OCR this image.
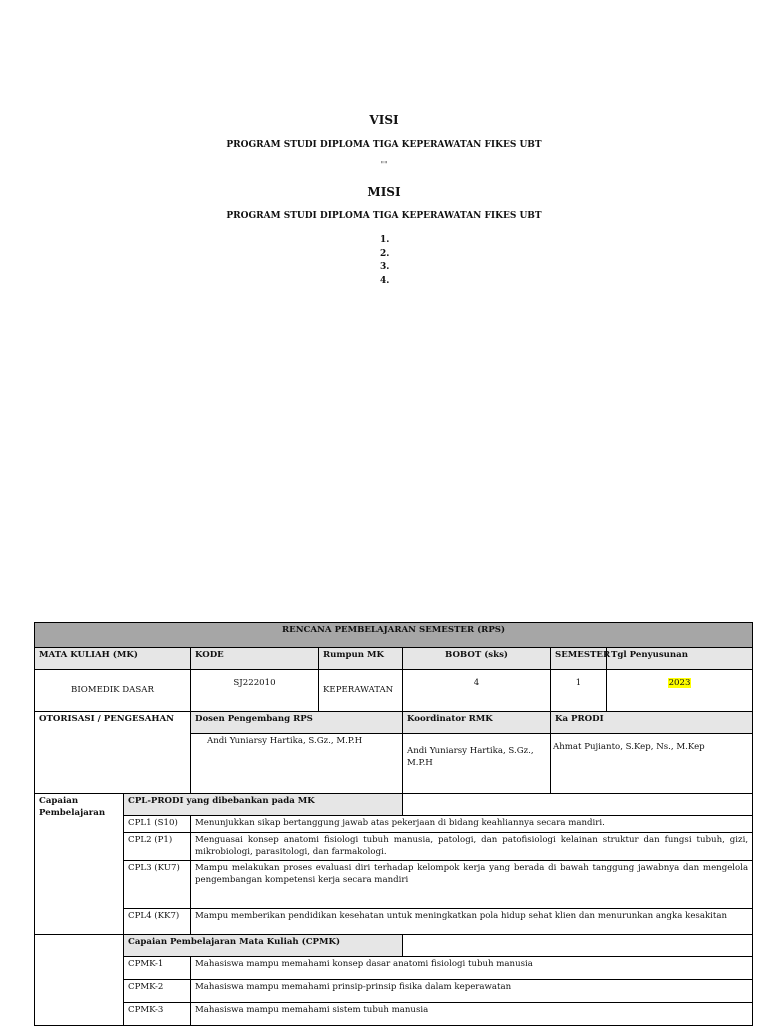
VISI
PROGRAM STUDI DIPLOMA TIGA KEPERAWATAN FIKES UBT
""
MISI
PROGRAM STUDI DIPLOMA TIGA KEPERAWATAN FIKES UBT
1.
2.
3.
4.
RENCANA PEMBELAJARAN SEMESTER (RPS)						
MATA KULIAH (MK)		KODE	Rumpun MK	BOBOT (sks)	SEMESTER	Tgl Penyusunan
BIOMEDIK DASAR		SJ222010	KEPERAWATAN	4	1	2023
OTORISASI / PENGESAHAN		Dosen Pengembang RPS		Koordinator RMK	Ka PRODI	
		Andi Yuniarsy Hartika, S.Gz., M.P.H		Andi Yuniarsy Hartika, S.Gz., M.P.H	Ahmat Pujianto, S.Kep, Ns., M.Kep	
Capaian Pembelajaran	CPL-PRODI yang dibebankan pada MK					
	CPL1 (S10)	Menunjukkan sikap bertanggung jawab atas pekerjaan di bidang keahliannya secara mandiri.				
	CPL2 (P1)	Menguasai konsep anatomi fisiologi tubuh manusia, patologi, dan patofisiologi kelainan struktur dan fungsi tubuh, gizi, mikrobiologi, parasitologi, dan farmakologi.				
	CPL3 (KU7)	Mampu melakukan proses evaluasi diri terhadap kelompok kerja yang berada di bawah tanggung jawabnya dan mengelola pengembangan kompetensi kerja secara mandiri				
	CPL4 (KK7)	Mampu memberikan pendidikan kesehatan untuk meningkatkan pola hidup sehat klien dan menurunkan angka kesakitan				
	Capaian Pembelajaran Mata Kuliah (CPMK)					
	CPMK-1	Mahasiswa mampu memahami konsep dasar anatomi fisiologi tubuh manusia				
	CPMK-2	Mahasiswa mampu memahami prinsip-prinsip fisika dalam keperawatan				
	CPMK-3	Mahasiswa mampu memahami sistem tubuh manusia				
